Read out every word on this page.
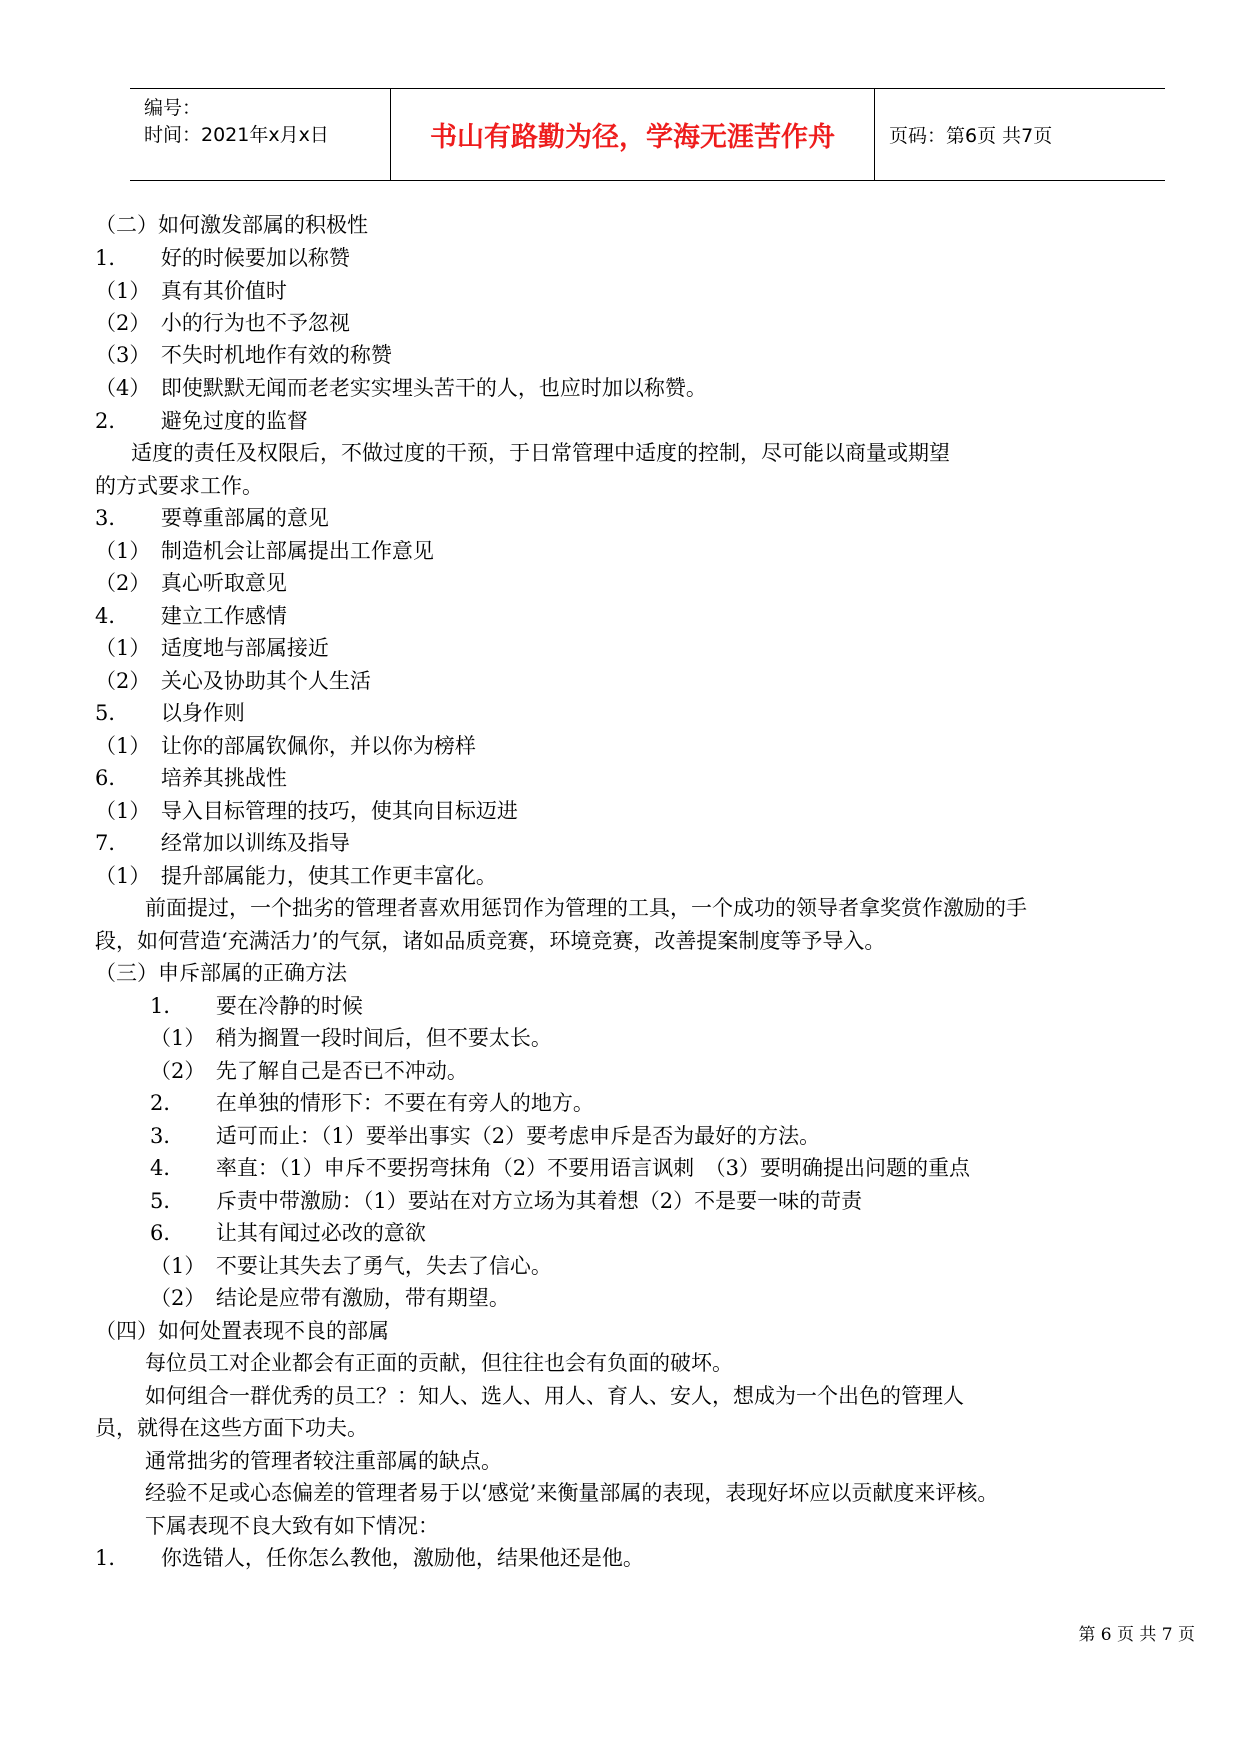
编号：
时间：2021年x月x日	书山有路勤为径，学海无涯苦作舟	页码：第6页 共7页
（二）如何激发部属的积极性
1．　　好的时候要加以称赞
（1）　真有其价值时
（2）　小的行为也不予忽视
（3）　不失时机地作有效的称赞
（4）　即使默默无闻而老老实实埋头苦干的人，也应时加以称赞。
2．　　避免过度的监督
适度的责任及权限后，不做过度的干预，于日常管理中适度的控制，尽可能以商量或期望
的方式要求工作。
3．　　要尊重部属的意见
（1）　制造机会让部属提出工作意见
（2）　真心听取意见
4．　　建立工作感情
（1）　适度地与部属接近
（2）　关心及协助其个人生活
5．　　以身作则
（1）　让你的部属钦佩你，并以你为榜样
6．　　培养其挑战性
（1）　导入目标管理的技巧，使其向目标迈进
7．　　经常加以训练及指导
（1）　提升部属能力，使其工作更丰富化。
前面提过，一个拙劣的管理者喜欢用惩罚作为管理的工具，一个成功的领导者拿奖赏作激励的手
段，如何营造‘充满活力’的气氛，诸如品质竞赛，环境竞赛，改善提案制度等予导入。
（三）申斥部属的正确方法
1．　　要在冷静的时候
（1）　稍为搁置一段时间后，但不要太长。
（2）　先了解自己是否已不冲动。
2．　　在单独的情形下：不要在有旁人的地方。
3．　　适可而止：（1）要举出事实（2）要考虑申斥是否为最好的方法。
4．　　率直：（1）申斥不要拐弯抹角（2）不要用语言讽刺　（3）要明确提出问题的重点
5．　　斥责中带激励：（1）要站在对方立场为其着想（2）不是要一味的苛责
6．　　让其有闻过必改的意欲
（1）　不要让其失去了勇气，失去了信心。
（2）　结论是应带有激励，带有期望。
（四）如何处置表现不良的部属
每位员工对企业都会有正面的贡献，但往往也会有负面的破坏。
如何组合一群优秀的员工？：知人、选人、用人、育人、安人，想成为一个出色的管理人
员，就得在这些方面下功夫。
通常拙劣的管理者较注重部属的缺点。
经验不足或心态偏差的管理者易于以‘感觉’来衡量部属的表现，表现好坏应以贡献度来评核。
下属表现不良大致有如下情况：
1．　　你选错人，任你怎么教他，激励他，结果他还是他。
第 6 页 共 7 页
